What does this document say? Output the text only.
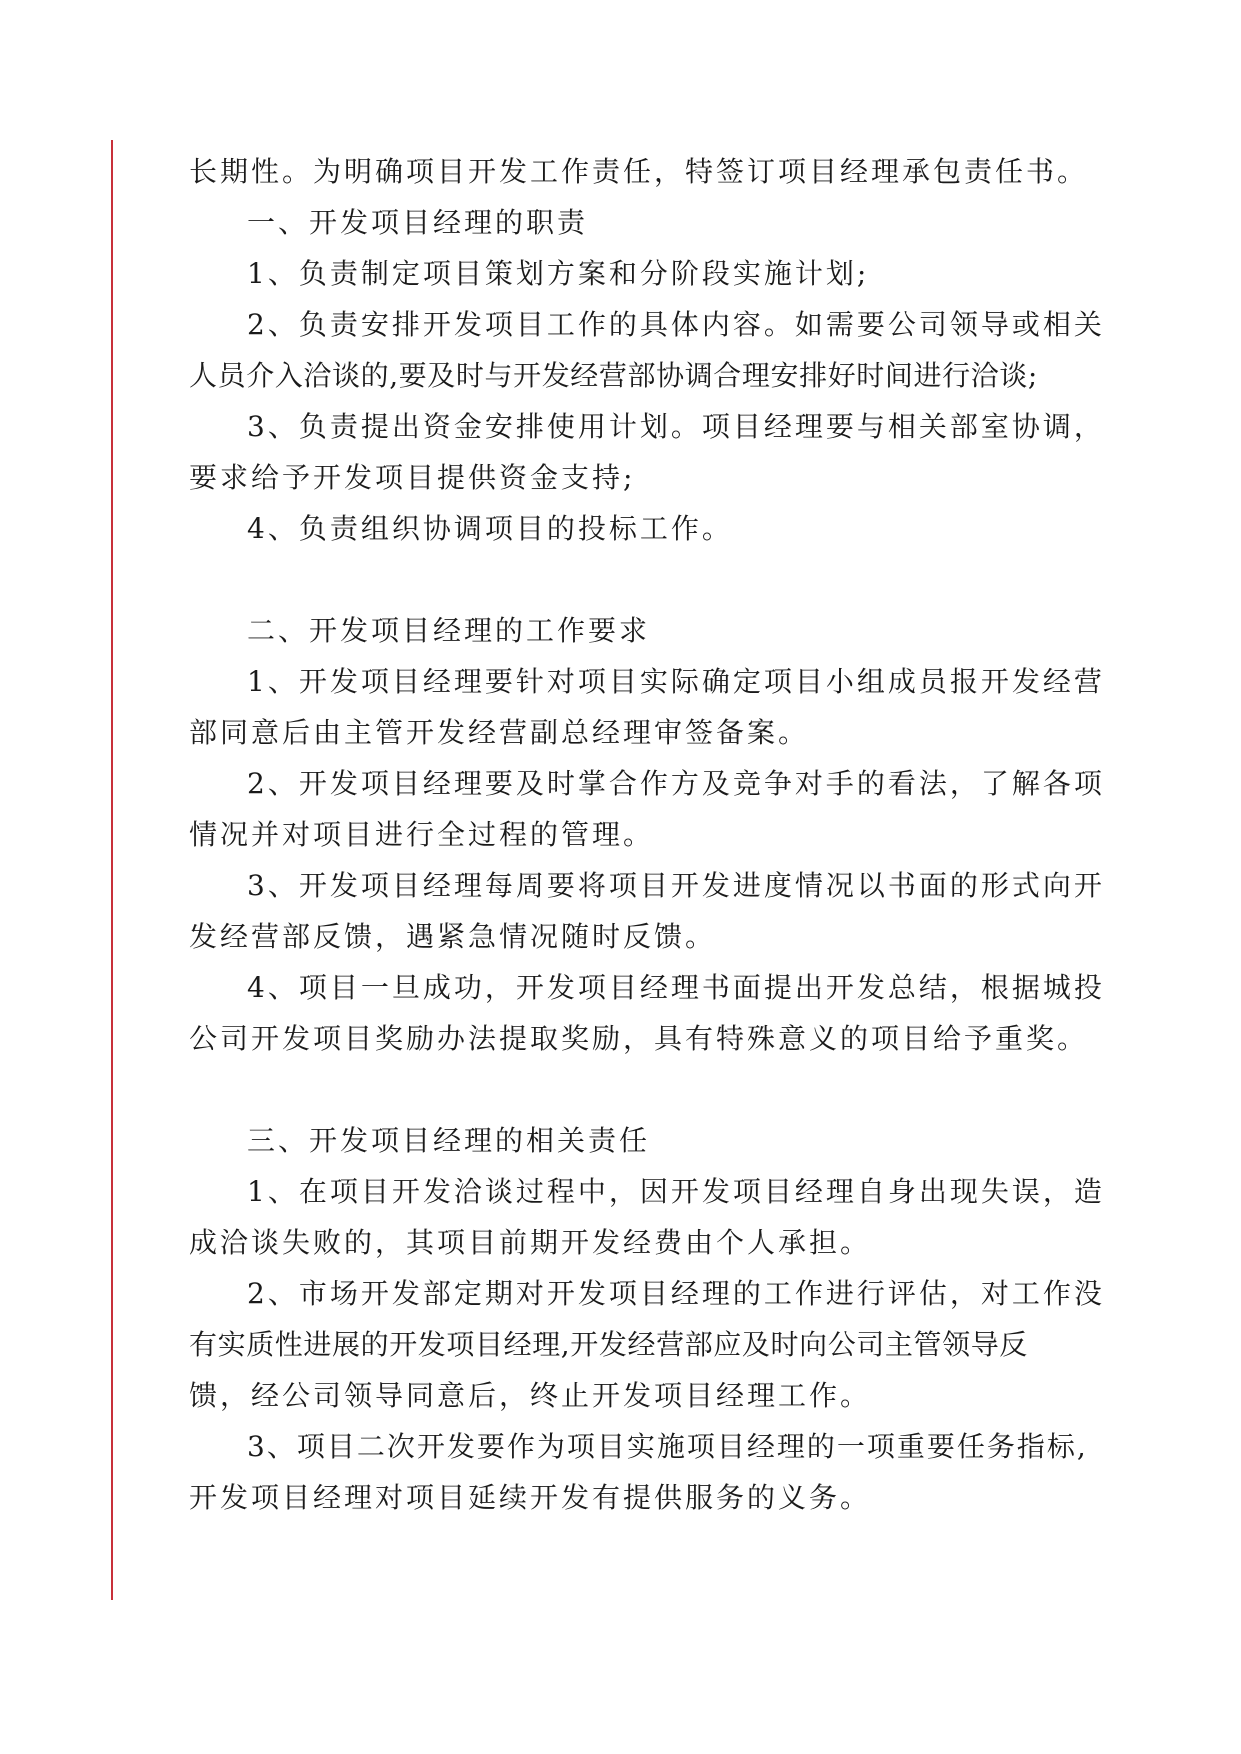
长期性。为明确项目开发工作责任，特签订项目经理承包责任书。
一、开发项目经理的职责
1、负责制定项目策划方案和分阶段实施计划;
2、负责安排开发项目工作的具体内容。如需要公司领导或相关
人员介入洽谈的,要及时与开发经营部协调合理安排好时间进行洽谈;
3、负责提出资金安排使用计划。项目经理要与相关部室协调，
要求给予开发项目提供资金支持;
4、负责组织协调项目的投标工作。
二、开发项目经理的工作要求
1、开发项目经理要针对项目实际确定项目小组成员报开发经营
部同意后由主管开发经营副总经理审签备案。
2、开发项目经理要及时掌合作方及竞争对手的看法，了解各项
情况并对项目进行全过程的管理。
3、开发项目经理每周要将项目开发进度情况以书面的形式向开
发经营部反馈，遇紧急情况随时反馈。
4、项目一旦成功，开发项目经理书面提出开发总结，根据城投
公司开发项目奖励办法提取奖励，具有特殊意义的项目给予重奖。
三、开发项目经理的相关责任
1、在项目开发洽谈过程中，因开发项目经理自身出现失误，造
成洽谈失败的，其项目前期开发经费由个人承担。
2、市场开发部定期对开发项目经理的工作进行评估，对工作没
有实质性进展的开发项目经理,开发经营部应及时向公司主管领导反
馈，经公司领导同意后，终止开发项目经理工作。
3、项目二次开发要作为项目实施项目经理的一项重要任务指标,
开发项目经理对项目延续开发有提供服务的义务。
